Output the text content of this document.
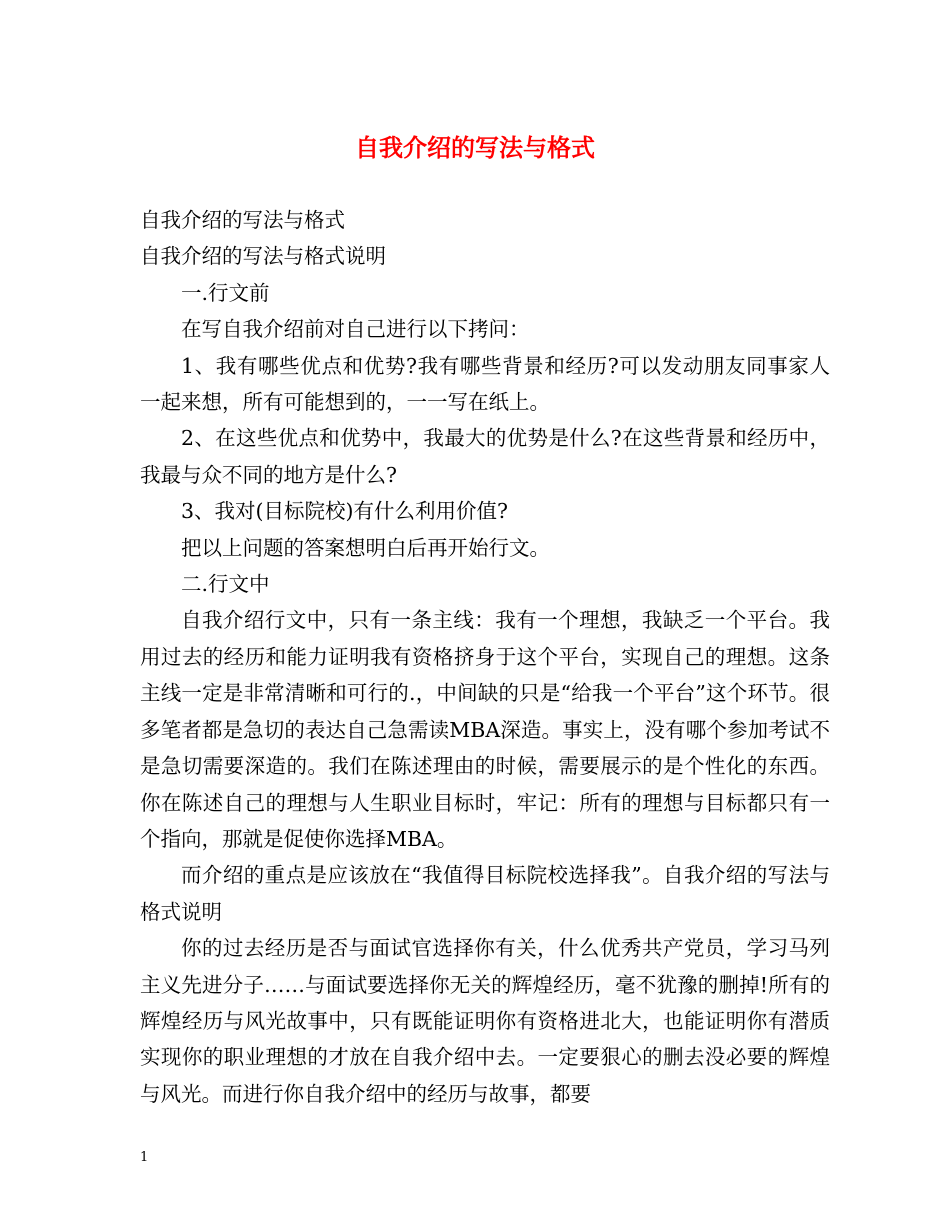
自我介绍的写法与格式

自我介绍的写法与格式

自我介绍的写法与格式说明

一.行文前

在写自我介绍前对自己进行以下拷问：

1、我有哪些优点和优势?我有哪些背景和经历?可以发动朋友同事家人一起来想，所有可能想到的，一一写在纸上。

2、在这些优点和优势中，我最大的优势是什么?在这些背景和经历中，我最与众不同的地方是什么?

3、我对(目标院校)有什么利用价值?

把以上问题的答案想明白后再开始行文。

二.行文中

自我介绍行文中，只有一条主线：我有一个理想，我缺乏一个平台。我用过去的经历和能力证明我有资格挤身于这个平台，实现自己的理想。这条主线一定是非常清晰和可行的.，中间缺的只是“给我一个平台”这个环节。很多笔者都是急切的表达自己急需读MBA深造。事实上，没有哪个参加考试不是急切需要深造的。我们在陈述理由的时候，需要展示的是个性化的东西。你在陈述自己的理想与人生职业目标时，牢记：所有的理想与目标都只有一个指向，那就是促使你选择MBA。

而介绍的重点是应该放在“我值得目标院校选择我”。自我介绍的写法与格式说明

你的过去经历是否与面试官选择你有关，什么优秀共产党员，学习马列主义先进分子……与面试要选择你无关的辉煌经历，毫不犹豫的删掉!所有的辉煌经历与风光故事中，只有既能证明你有资格进北大，也能证明你有潜质实现你的职业理想的才放在自我介绍中去。一定要狠心的删去没必要的辉煌与风光。而进行你自我介绍中的经历与故事，都要

1
